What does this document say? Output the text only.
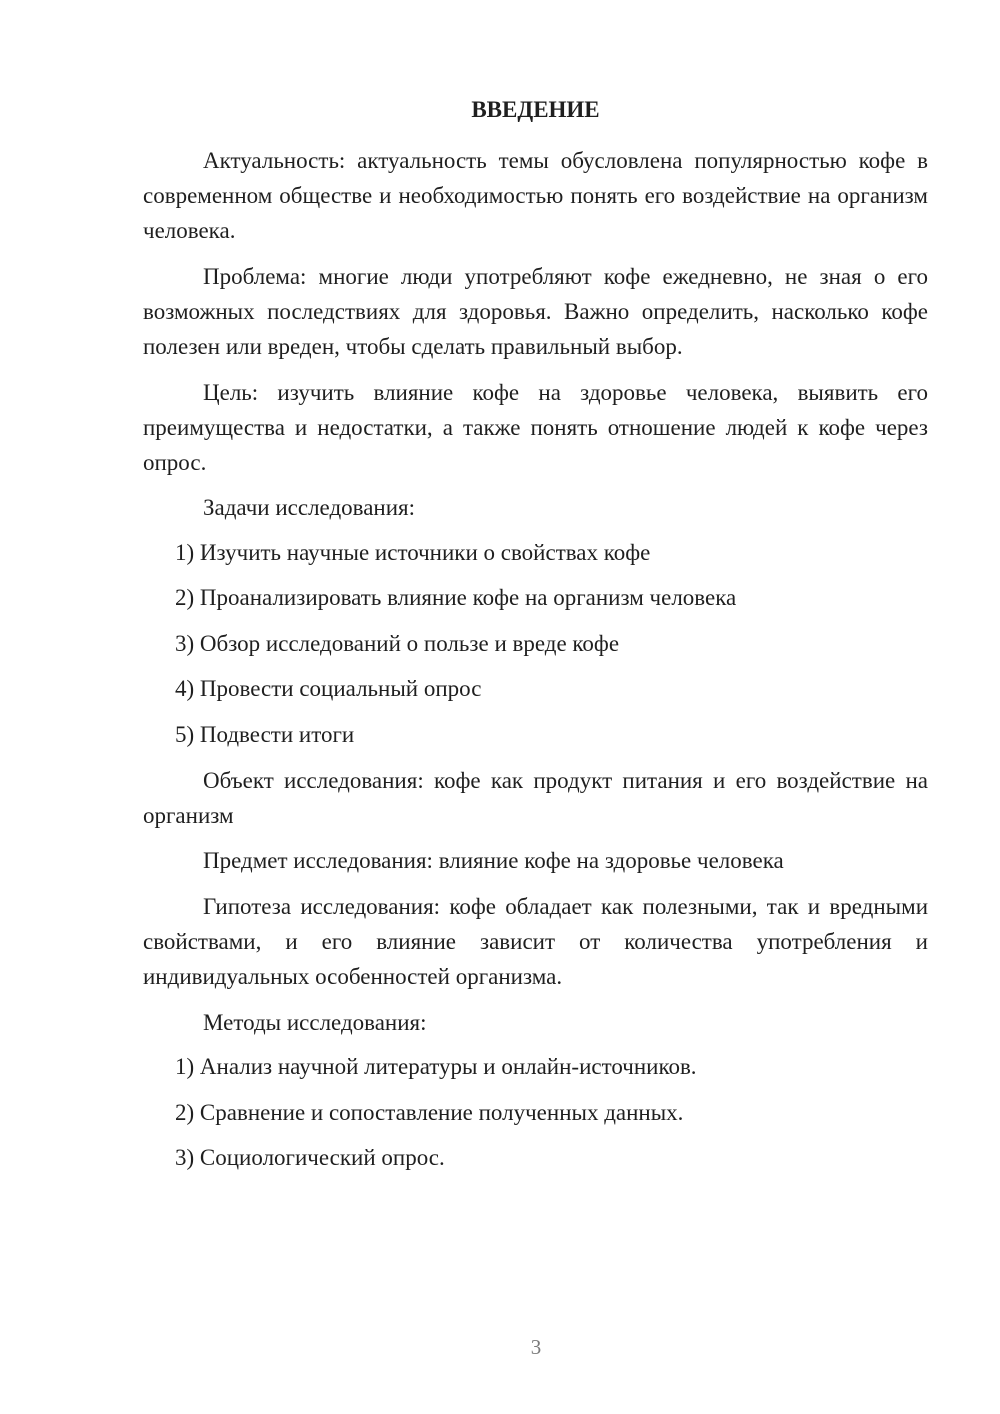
ВВЕДЕНИЕ

Актуальность: актуальность темы обусловлена популярностью кофе в современном обществе и необходимостью понять его воздействие на организм человека.

Проблема: многие люди употребляют кофе ежедневно, не зная о его возможных последствиях для здоровья. Важно определить, насколько кофе полезен или вреден, чтобы сделать правильный выбор.

Цель: изучить влияние кофе на здоровье человека, выявить его преимущества и недостатки, а также понять отношение людей к кофе через опрос.

Задачи исследования:
1) Изучить научные источники о свойствах кофе
2) Проанализировать влияние кофе на организм человека
3) Обзор исследований о пользе и вреде кофе
4) Провести социальный опрос
5) Подвести итоги

Объект исследования: кофе как продукт питания и его воздействие на организм

Предмет исследования: влияние кофе на здоровье человека

Гипотеза исследования: кофе обладает как полезными, так и вредными свойствами, и его влияние зависит от количества употребления и индивидуальных особенностей организма.

Методы исследования:
1) Анализ научной литературы и онлайн-источников.
2) Сравнение и сопоставление полученных данных.
3) Социологический опрос.
3
